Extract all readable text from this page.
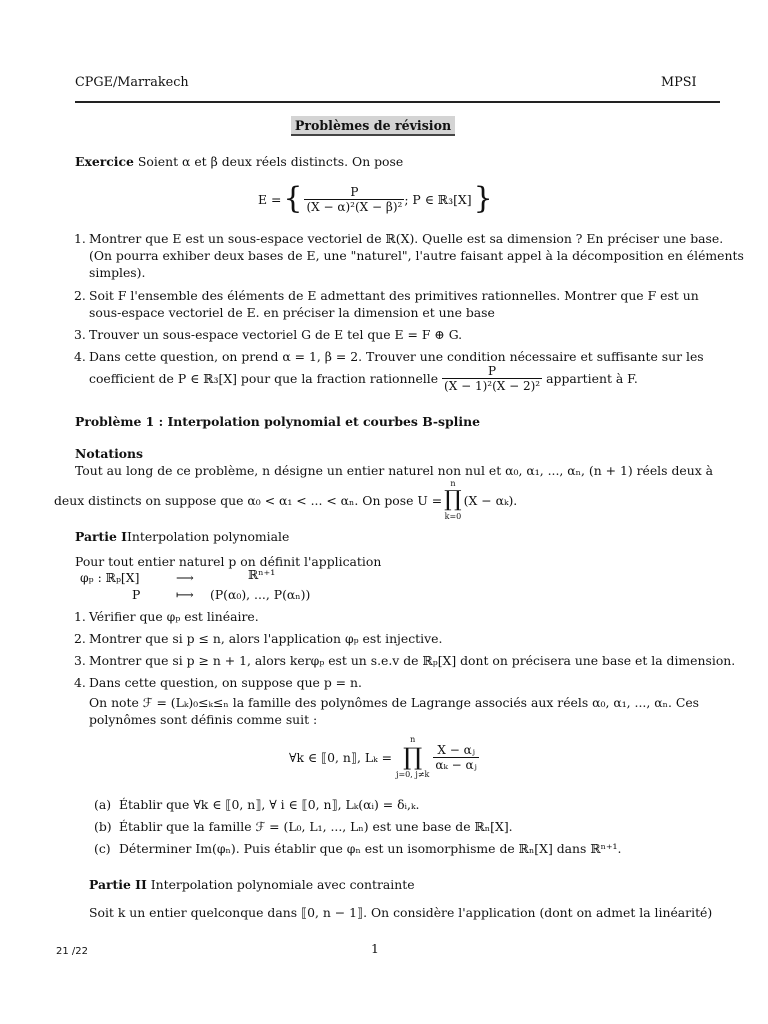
CPGE/Marrakech	MPSI
Problèmes de révision
Exercice Soient α et β deux réels distincts. On pose
E = { $\frac{P}{\text{(X − α)²(X − β)²}}$ ; P ∈ ℝ₃[X] }
1. Montrer que E est un sous-espace vectoriel de ℝ(X). Quelle est sa dimension ? En préciser une base.
(On pourra exhiber deux bases de E, une "naturel", l'autre faisant appel à la décomposition en éléments
simples).
2. Soit F l'ensemble des éléments de E admettant des primitives rationnelles. Montrer que F est un
sous-espace vectoriel de E. en préciser la dimension et une base
3. Trouver un sous-espace vectoriel G de E tel que E = F ⊕ G.
4. Dans cette question, on prend α = 1, β = 2. Trouver une condition nécessaire et suffisante sur les
coefficient de P ∈ ℝ₃[X] pour que la fraction rationnelle $\frac{P}{\text{(X − 1)²(X − 2)²}}$ appartient à F.
Problème 1 : Interpolation polynomial et courbes B-spline
Notations
Tout au long de ce problème, n désigne un entier naturel non nul et α₀, α₁, ..., αₙ, (n + 1) réels deux à
deux distincts on suppose que α₀ < α₁ < ... < αₙ. On pose U =
n
∏
k=0
(X − αₖ).
Partie IInterpolation polynomiale
Pour tout entier naturel p on définit l'application
φₚ : ℝₚ[X]	⟶	ℝⁿ⁺¹
P	⟼ (P(α₀), ..., P(αₙ))
1. Vérifier que φₚ est linéaire.
2. Montrer que si p ≤ n, alors l'application φₚ est injective.
3. Montrer que si p ≥ n + 1, alors kerφₚ est un s.e.v de ℝₚ[X] dont on précisera une base et la dimension.
4. Dans cette question, on suppose que p = n.
On note ℱ = (Lₖ)₀≤ₖ≤ₙ la famille des polynômes de Lagrange associés aux réels α₀, α₁, ..., αₙ. Ces
polynômes sont définis comme suit :
∀k ∈ ⟦0, n⟧, Lₖ =
n
∏
j=0, j≠k
$\frac{\text{X − αⱼ}}{\text{αₖ − αⱼ}}$
(a) Établir que ∀k ∈ ⟦0, n⟧, ∀ i ∈ ⟦0, n⟧, Lₖ(αᵢ) = δᵢ,ₖ.
(b) Établir que la famille ℱ = (L₀, L₁, ..., Lₙ) est une base de ℝₙ[X].
(c) Déterminer Im(φₙ). Puis établir que φₙ est un isomorphisme de ℝₙ[X] dans ℝⁿ⁺¹.
Partie II Interpolation polynomiale avec contrainte
Soit k un entier quelconque dans ⟦0, n − 1⟧. On considère l'application (dont on admet la linéarité)
21 /22	1
